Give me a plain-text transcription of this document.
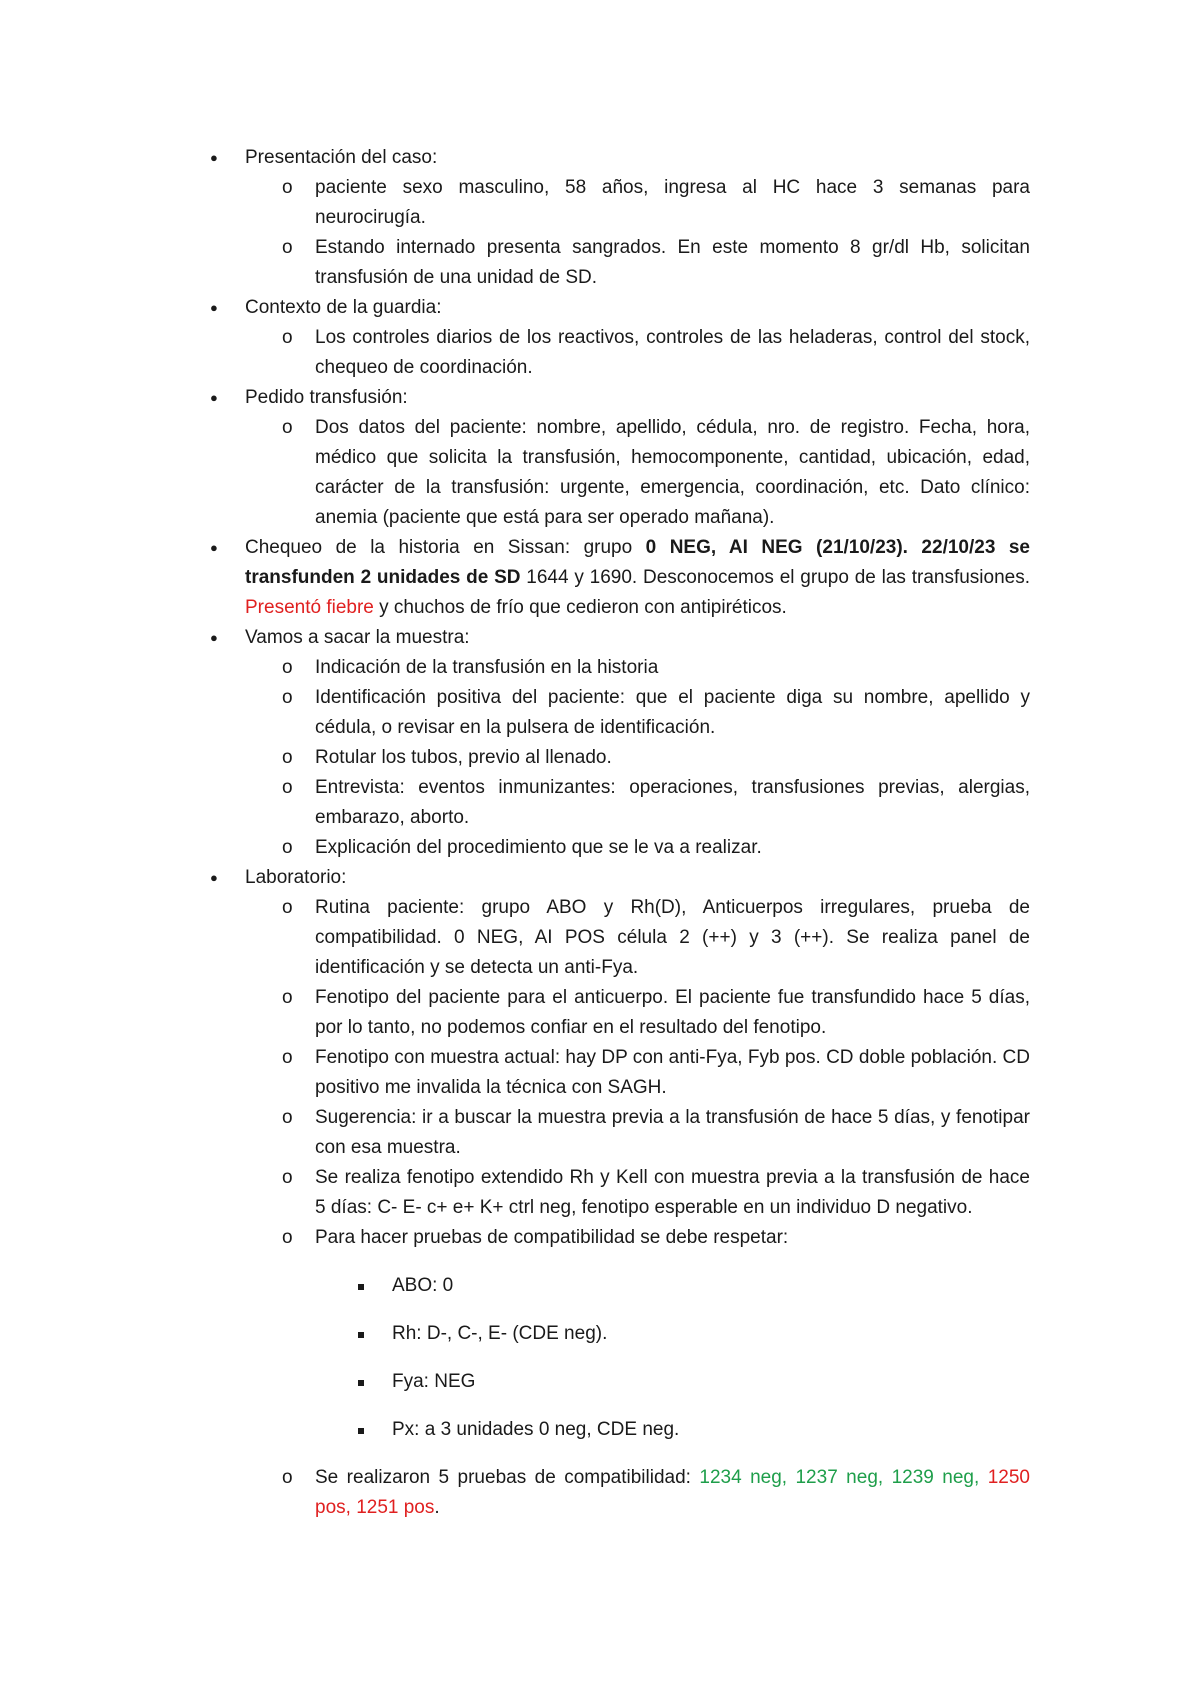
● Presentación del caso:
o paciente sexo masculino, 58 años, ingresa al HC hace 3 semanas para neurocirugía.
o Estando internado presenta sangrados. En este momento 8 gr/dl Hb, solicitan transfusión de una unidad de SD.
● Contexto de la guardia:
o Los controles diarios de los reactivos, controles de las heladeras, control del stock, chequeo de coordinación.
● Pedido transfusión:
o Dos datos del paciente: nombre, apellido, cédula, nro. de registro. Fecha, hora, médico que solicita la transfusión, hemocomponente, cantidad, ubicación, edad, carácter de la transfusión: urgente, emergencia, coordinación, etc. Dato clínico: anemia (paciente que está para ser operado mañana).
● Chequeo de la historia en Sissan: grupo 0 NEG, AI NEG (21/10/23). 22/10/23 se transfunden 2 unidades de SD 1644 y 1690. Desconocemos el grupo de las transfusiones. Presentó fiebre y chuchos de frío que cedieron con antipiréticos.
● Vamos a sacar la muestra:
o Indicación de la transfusión en la historia
o Identificación positiva del paciente: que el paciente diga su nombre, apellido y cédula, o revisar en la pulsera de identificación.
o Rotular los tubos, previo al llenado.
o Entrevista: eventos inmunizantes: operaciones, transfusiones previas, alergias, embarazo, aborto.
o Explicación del procedimiento que se le va a realizar.
● Laboratorio:
o Rutina paciente: grupo ABO y Rh(D), Anticuerpos irregulares, prueba de compatibilidad. 0 NEG, AI POS célula 2 (++) y 3 (++). Se realiza panel de identificación y se detecta un anti-Fya.
o Fenotipo del paciente para el anticuerpo. El paciente fue transfundido hace 5 días, por lo tanto, no podemos confiar en el resultado del fenotipo.
o Fenotipo con muestra actual: hay DP con anti-Fya, Fyb pos. CD doble población. CD positivo me invalida la técnica con SAGH.
o Sugerencia: ir a buscar la muestra previa a la transfusión de hace 5 días, y fenotipar con esa muestra.
o Se realiza fenotipo extendido Rh y Kell con muestra previa a la transfusión de hace 5 días: C- E- c+ e+ K+ ctrl neg, fenotipo esperable en un individuo D negativo.
o Para hacer pruebas de compatibilidad se debe respetar:
ABO: 0
Rh: D-, C-, E- (CDE neg).
Fya: NEG
Px: a 3 unidades 0 neg, CDE neg.
o Se realizaron 5 pruebas de compatibilidad: 1234 neg, 1237 neg, 1239 neg, 1250 pos, 1251 pos.
